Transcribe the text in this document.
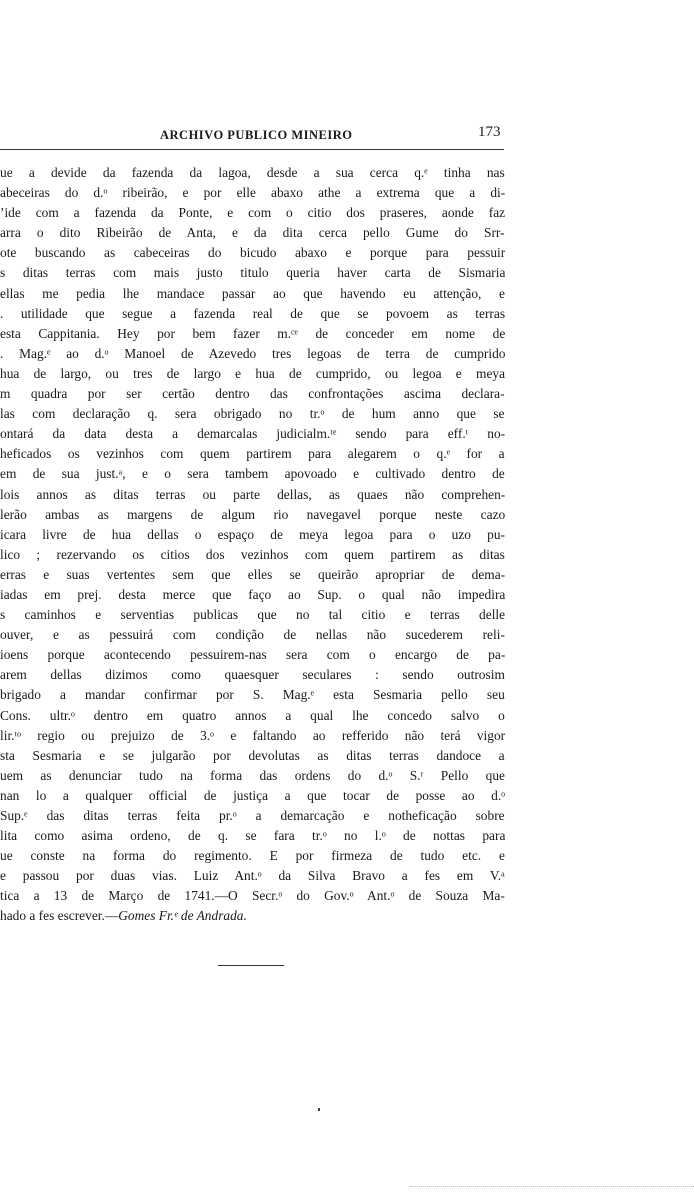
ARCHIVO PUBLICO MINEIRO	173
ue a devide da fazenda da lagoa, desde a sua cerca q.ᵉ tinha nas
abeceiras do d.ᵒ ribeirão, e por elle abaxo athe a extrema que a di-
ʼide com a fazenda da Ponte, e com o citio dos praseres, aonde faz
arra o dito Ribeirão de Anta, e da dita cerca pello Gume do Srr-
ote buscando as cabeceiras do bicudo abaxo e porque para pessuir
s ditas terras com mais justo titulo queria haver carta de Sismaria
ellas me pedia lhe mandace passar ao que havendo eu attenção, e
. utilidade que segue a fazenda real de que se povoem as terras
esta Cappitania. Hey por bem fazer m.ᶜᵉ de conceder em nome de
. Mag.ᵉ ao d.ᵒ Manoel de Azevedo tres legoas de terra de cumprido
hua de largo, ou tres de largo e hua de cumprido, ou legoa e meya
m quadra por ser certão dentro das confrontações ascima declara-
las com declaração q. sera obrigado no tr.ᵒ de hum anno que se
ontará da data desta a demarcalas judicialm.ᵗᵉ sendo para eff.ᵗ no-
heficados os vezinhos com quem partirem para alegarem o q.ᵉ for a
em de sua just.ᵃ, e o sera tambem apovoado e cultivado dentro de
lois annos as ditas terras ou parte dellas, as quaes não comprehen-
lerão ambas as margens de algum rio navegavel porque neste cazo
icara livre de hua dellas o espaço de meya legoa para o uzo pu-
lico ; rezervando os citios dos vezinhos com quem partirem as ditas
erras e suas vertentes sem que elles se queirão apropriar de dema-
iadas em prej. desta merce que faço ao Sup. o qual não impedira
s caminhos e serventias publicas que no tal citio e terras delle
ouver, e as pessuirá com condição de nellas não sucederem reli-
ioens porque acontecendo pessuirem-nas sera com o encargo de pa-
arem dellas dizimos como quaesquer seculares : sendo outrosim
brigado a mandar confirmar por S. Mag.ᵉ esta Sesmaria pello seu
Cons. ultr.ᵒ dentro em quatro annos a qual lhe concedo salvo o
lir.ᵗᵒ regio ou prejuizo de 3.ᵒ e faltando ao refferido não terá vigor
sta Sesmaria e se julgarão por devolutas as ditas terras dandoce a
uem as denunciar tudo na forma das ordens do d.ᵒ S.ʳ Pello que
nan lo a qualquer official de justiça a que tocar de posse ao d.ᵒ
Sup.ᵉ das ditas terras feita pr.ᵒ a demarcação e notheficação sobre
lita como asima ordeno, de q. se fara tr.ᵒ no l.ᵒ de nottas para
ue conste na forma do regimento. E por firmeza de tudo etc. e
e passou por duas vias. Luiz Ant.ᵒ da Silva Bravo a fes em V.ᵃ
tica a 13 de Março de 1741.—O Secr.ᵒ do Gov.ᵒ Ant.ᵒ de Souza Ma-
hado a fes escrever.—Gomes Fr.ᵉ de Andrada.
